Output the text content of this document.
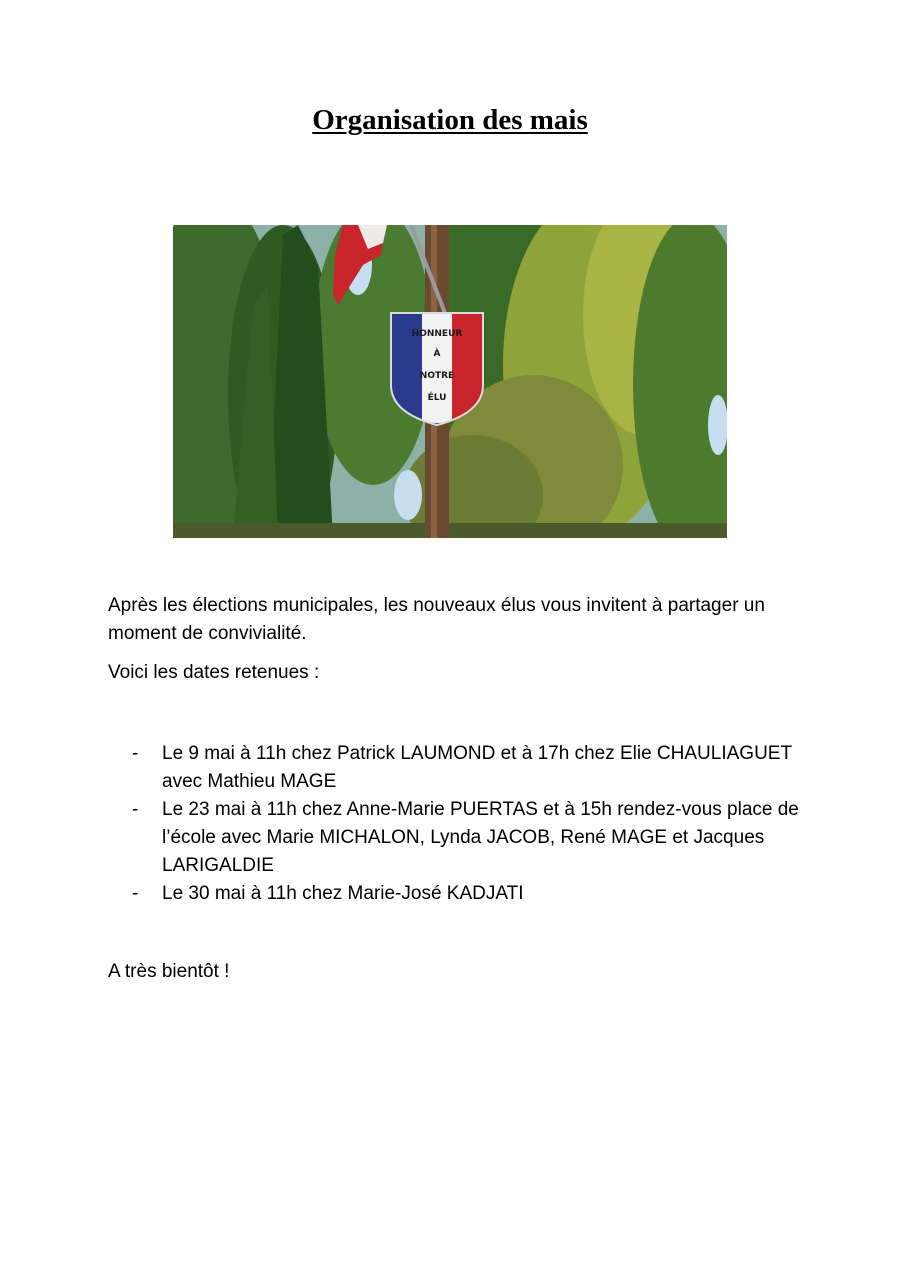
Organisation des mais
HONNEUR
À
NOTRE
ÉLU

Après les élections municipales, les nouveaux élus vous invitent à partager un moment de convivialité.

Voici les dates retenues :

- Le 9 mai à 11h chez Patrick LAUMOND et à 17h chez Elie CHAULIAGUET avec Mathieu MAGE
- Le 23 mai à 11h chez Anne-Marie PUERTAS et à 15h rendez-vous place de l’école avec Marie MICHALON, Lynda JACOB, René MAGE et Jacques LARIGALDIE
- Le 30 mai à 11h chez Marie-José KADJATI

A très bientôt !
